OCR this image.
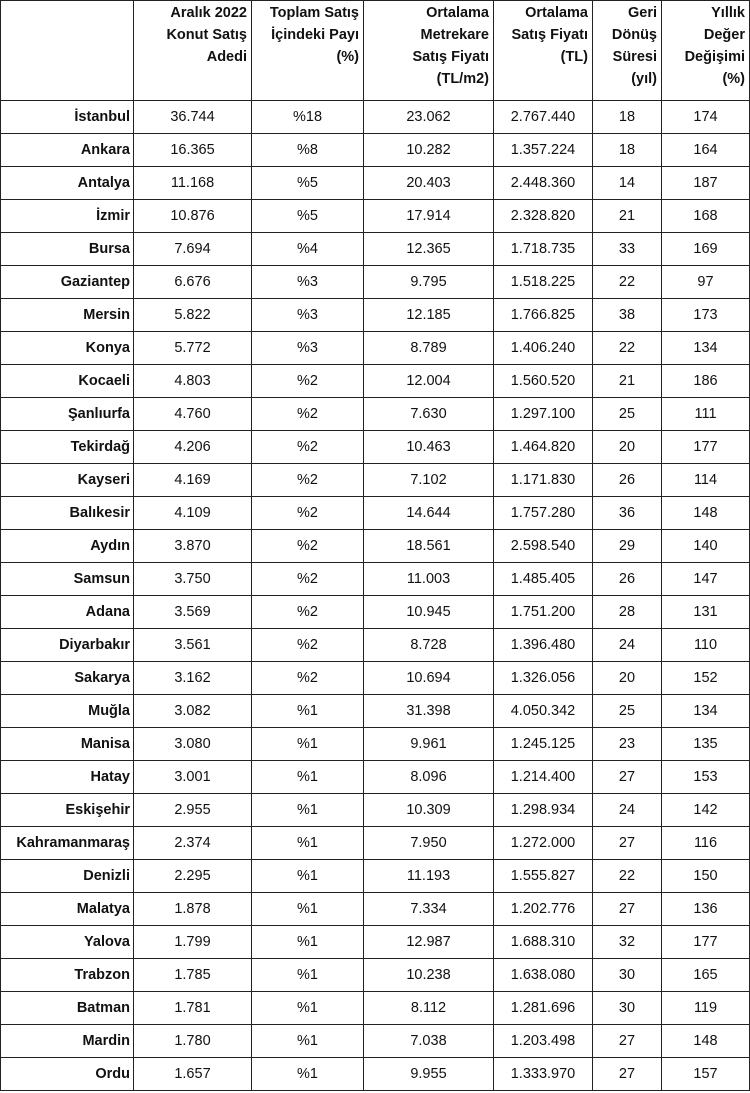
	Aralık 2022
Konut Satış
Adedi	Toplam Satış
İçindeki Payı
(%)	Ortalama
Metrekare
Satış Fiyatı
(TL/m2)	Ortalama
Satış Fiyatı
(TL)	Geri
Dönüş
Süresi
(yıl)	Yıllık
Değer
Değişimi
(%)

İstanbul	36.744	%18	23.062	2.767.440	18	174
Ankara	16.365	%8	10.282	1.357.224	18	164
Antalya	11.168	%5	20.403	2.448.360	14	187
İzmir	10.876	%5	17.914	2.328.820	21	168
Bursa	7.694	%4	12.365	1.718.735	33	169
Gaziantep	6.676	%3	9.795	1.518.225	22	97
Mersin	5.822	%3	12.185	1.766.825	38	173
Konya	5.772	%3	8.789	1.406.240	22	134
Kocaeli	4.803	%2	12.004	1.560.520	21	186
Şanlıurfa	4.760	%2	7.630	1.297.100	25	111
Tekirdağ	4.206	%2	10.463	1.464.820	20	177
Kayseri	4.169	%2	7.102	1.171.830	26	114
Balıkesir	4.109	%2	14.644	1.757.280	36	148
Aydın	3.870	%2	18.561	2.598.540	29	140
Samsun	3.750	%2	11.003	1.485.405	26	147
Adana	3.569	%2	10.945	1.751.200	28	131
Diyarbakır	3.561	%2	8.728	1.396.480	24	110
Sakarya	3.162	%2	10.694	1.326.056	20	152
Muğla	3.082	%1	31.398	4.050.342	25	134
Manisa	3.080	%1	9.961	1.245.125	23	135
Hatay	3.001	%1	8.096	1.214.400	27	153
Eskişehir	2.955	%1	10.309	1.298.934	24	142
Kahramanmaraş	2.374	%1	7.950	1.272.000	27	116
Denizli	2.295	%1	11.193	1.555.827	22	150
Malatya	1.878	%1	7.334	1.202.776	27	136
Yalova	1.799	%1	12.987	1.688.310	32	177
Trabzon	1.785	%1	10.238	1.638.080	30	165
Batman	1.781	%1	8.112	1.281.696	30	119
Mardin	1.780	%1	7.038	1.203.498	27	148
Ordu	1.657	%1	9.955	1.333.970	27	157
